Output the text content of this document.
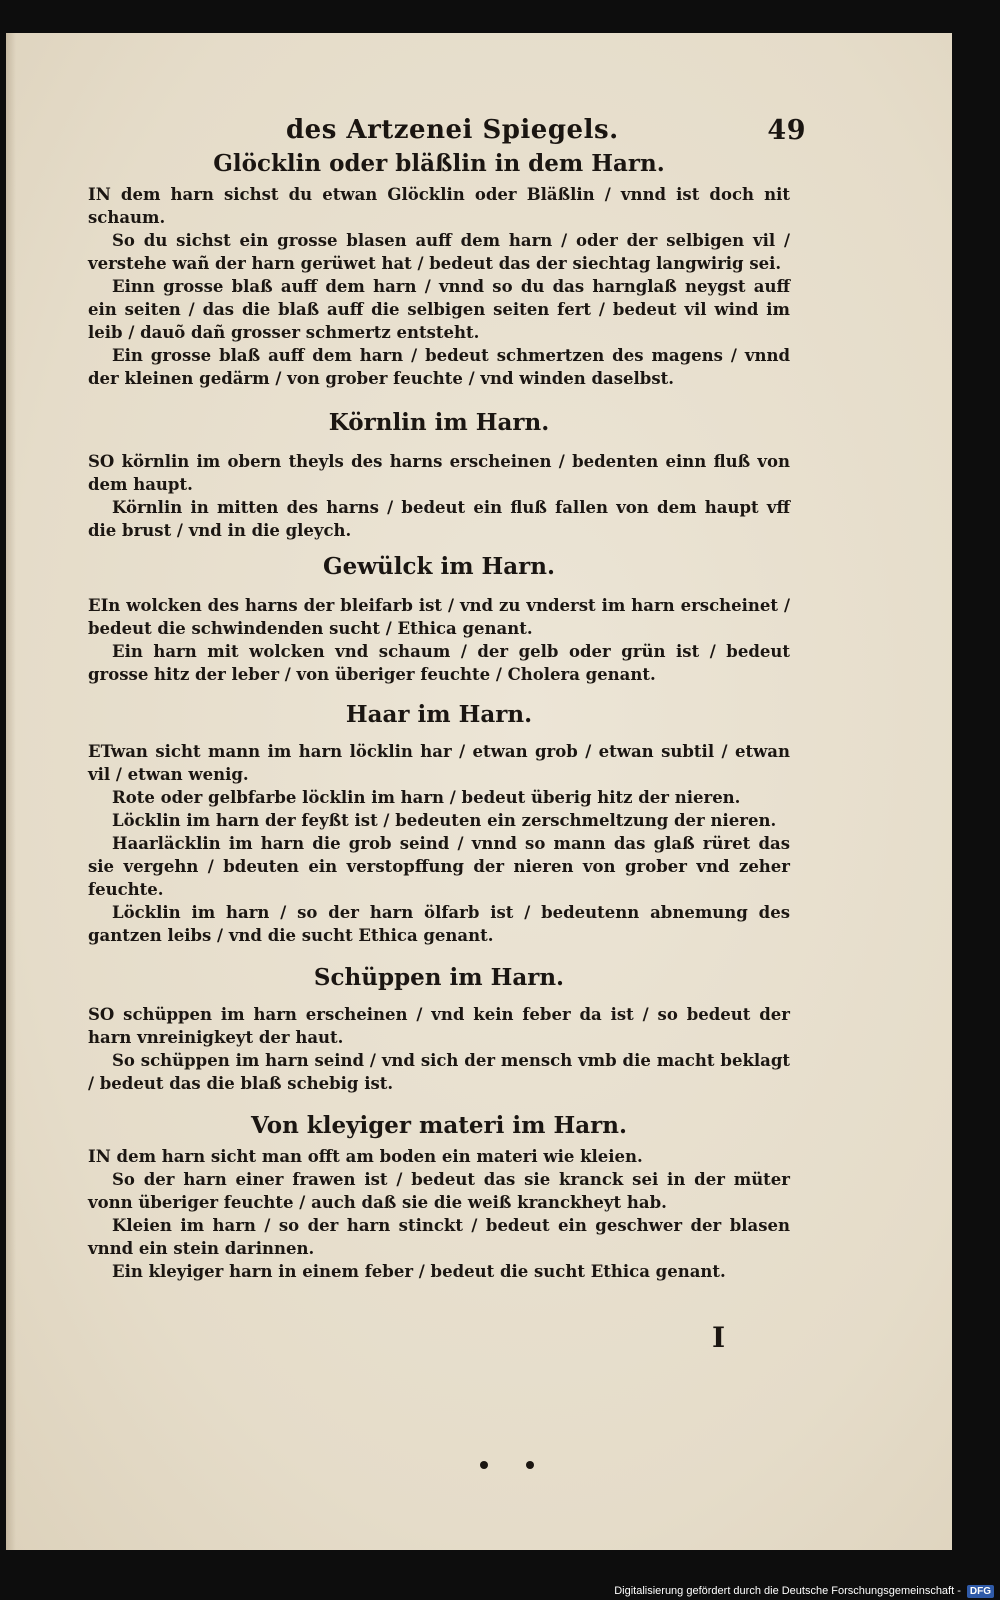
des Artzenei Spiegels.	49
Glöcklin oder bläßlin in dem Harn.
IN dem harn sichst du etwan Glöcklin oder Bläßlin / vnnd ist doch nit schaum.
So du sichst ein grosse blasen auff dem harn / oder der selbigen vil / verstehe wañ der harn gerüwet hat / bedeut das der siechtag langwirig sei.
Einn grosse blaß auff dem harn / vnnd so du das harnglaß neygst auff ein seiten / das die blaß auff die selbigen seiten fert / bedeut vil wind im leib / dauõ dañ grosser schmertz entsteht.
Ein grosse blaß auff dem harn / bedeut schmertzen des magens / vnnd der kleinen gedärm / von grober feuchte / vnd winden daselbst.
Körnlin im Harn.
SO körnlin im obern theyls des harns erscheinen / bedenten einn fluß von dem haupt.
Körnlin in mitten des harns / bedeut ein fluß fallen von dem haupt vff die brust / vnd in die gleych.
Gewülck im Harn.
EIn wolcken des harns der bleifarb ist / vnd zu vnderst im harn erscheinet / bedeut die schwindenden sucht / Ethica genant.
Ein harn mit wolcken vnd schaum / der gelb oder grün ist / bedeut grosse hitz der leber / von überiger feuchte / Cholera genant.
Haar im Harn.
ETwan sicht mann im harn löcklin har / etwan grob / etwan subtil / etwan vil / etwan wenig.
Rote oder gelbfarbe löcklin im harn / bedeut überig hitz der nieren.
Löcklin im harn der feyßt ist / bedeuten ein zerschmeltzung der nieren.
Haarläcklin im harn die grob seind / vnnd so mann das glaß rüret das sie vergehn / bdeuten ein verstopffung der nieren von grober vnd zeher feuchte.
Löcklin im harn / so der harn ölfarb ist / bedeutenn abnemung des gantzen leibs / vnd die sucht Ethica genant.
Schüppen im Harn.
SO schüppen im harn erscheinen / vnd kein feber da ist / so bedeut der harn vnreinigkeyt der haut.
So schüppen im harn seind / vnd sich der mensch vmb die macht beklagt / bedeut das die blaß schebig ist.
Von kleyiger materi im Harn.
IN dem harn sicht man offt am boden ein materi wie kleien.
So der harn einer frawen ist / bedeut das sie kranck sei in der müter vonn überiger feuchte / auch daß sie die weiß kranckheyt hab.
Kleien im harn / so der harn stinckt / bedeut ein geschwer der blasen vnnd ein stein darinnen.
Ein kleyiger harn in einem feber / bedeut die sucht Ethica genant.
I
Digitalisierung gefördert durch die Deutsche Forschungsgemeinschaft - DFG
